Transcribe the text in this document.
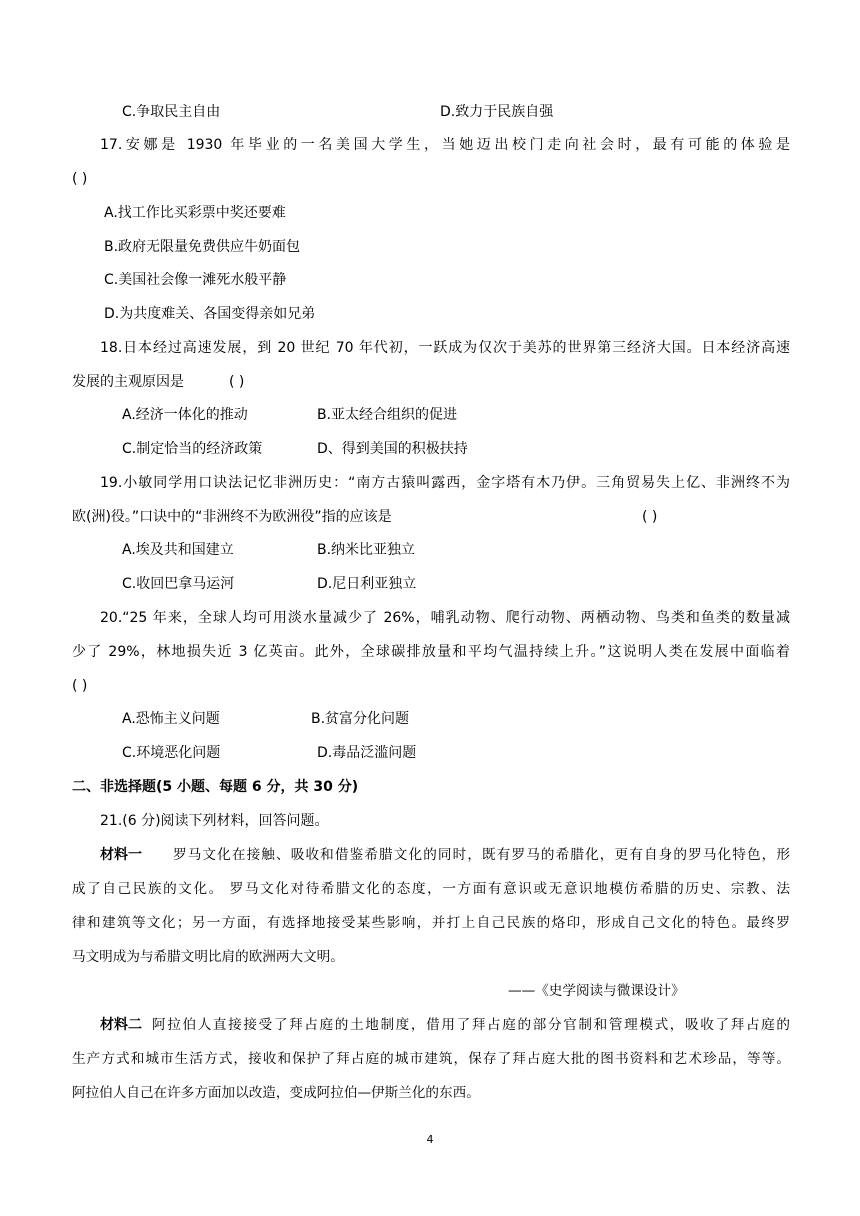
C.争取民主自由	D.致力于民族自强
17.安娜是 1930 年毕业的一名美国大学生，当她迈出校门走向社会时，最有可能的体验是
( )
A.找工作比买彩票中奖还要难
B.政府无限量免费供应牛奶面包
C.美国社会像一滩死水般平静
D.为共度难关、各国变得亲如兄弟
18.日本经过高速发展，到 20 世纪 70 年代初，一跃成为仅次于美苏的世界第三经济大国。日本经济高速
发展的主观原因是	( )
A.经济一体化的推动	B.亚太经合组织的促进
C.制定恰当的经济政策	D、得到美国的积极扶持
19.小敏同学用口诀法记忆非洲历史：“南方古猿叫露西，金字塔有木乃伊。三角贸易失上亿、非洲终不为
欧(洲)役。”口诀中的“非洲终不为欧洲役”指的应该是	( )
A.埃及共和国建立	B.纳米比亚独立
C.收回巴拿马运河	D.尼日利亚独立
20.“25 年来，全球人均可用淡水量减少了 26%，哺乳动物、爬行动物、两栖动物、鸟类和鱼类的数量减
少了 29%，林地损失近 3 亿英亩。此外，全球碳排放量和平均气温持续上升。”这说明人类在发展中面临着
( )
A.恐怖主义问题	B.贫富分化问题
C.环境恶化问题	D.毒品泛滥问题
二、非选择题(5 小题、每题 6 分，共 30 分)
21.(6 分)阅读下列材料，回答问题。
材料一 罗马文化在接触、吸收和借鉴希腊文化的同时，既有罗马的希腊化，更有自身的罗马化特色，形
成了自己民族的文化。 罗马文化对待希腊文化的态度，一方面有意识或无意识地模仿希腊的历史、宗教、法
律和建筑等文化；另一方面，有选择地接受某些影响，并打上自己民族的烙印，形成自己文化的特色。最终罗
马文明成为与希腊文明比肩的欧洲两大文明。
——《史学阅读与微课设计》
材料二 阿拉伯人直接接受了拜占庭的土地制度，借用了拜占庭的部分官制和管理模式，吸收了拜占庭的
生产方式和城市生活方式，接收和保护了拜占庭的城市建筑，保存了拜占庭大批的图书资料和艺术珍品，等等。
阿拉伯人自己在许多方面加以改造，变成阿拉伯—伊斯兰化的东西。
4
